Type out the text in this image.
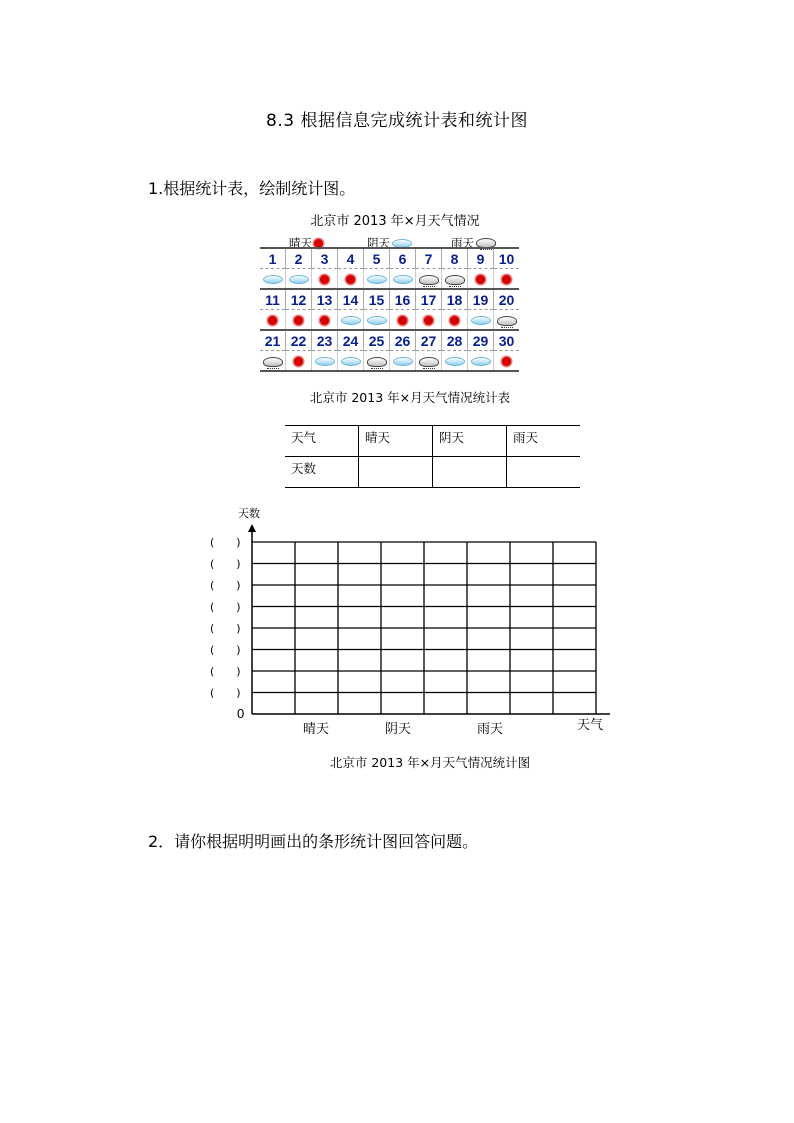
8.3 根据信息完成统计表和统计图
1.根据统计表，绘制统计图。
北京市 2013 年×月天气情况
晴天	阴天	雨天
1	2	3	4	5	6	7	8	9	10

11	12	13	14	15	16	17	18	19	20

21	22	23	24	25	26	27	28	29	30

北京市 2013 年×月天气情况统计表
天气	晴天	阴天	雨天
天数			
(　　)
(　　)
(　　)
(　　)
(　　)
(　　)
(　　)
(　　)
天数
0
天气
晴天	阴天	雨天
北京市 2013 年×月天气情况统计图
2．请你根据明明画出的条形统计图回答问题。
